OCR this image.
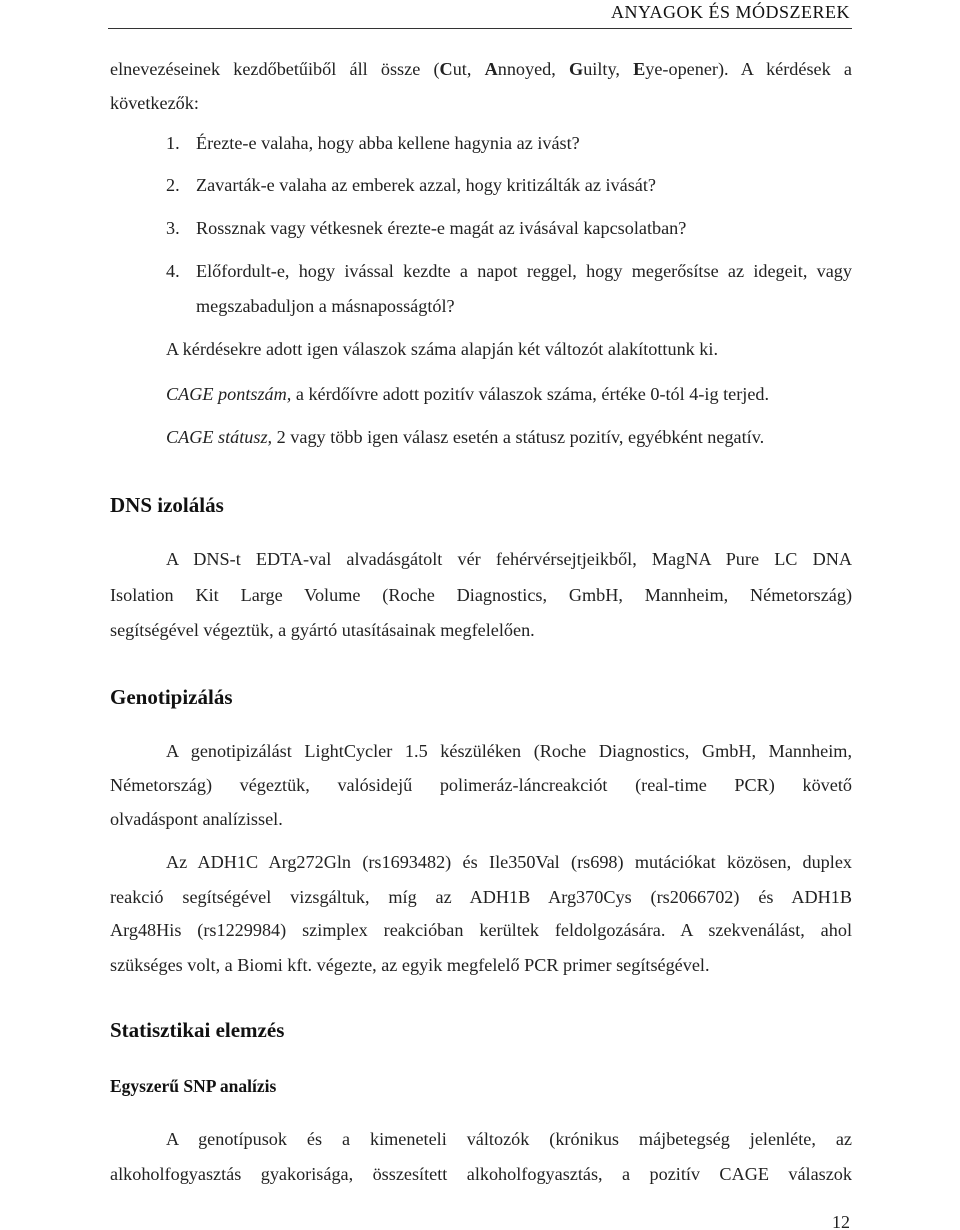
ANYAGOK ÉS MÓDSZEREK
elnevezéseinek kezdőbetűiből áll össze (Cut, Annoyed, Guilty, Eye-opener). A kérdések a
következők:
1. Érezte-e valaha, hogy abba kellene hagynia az ivást?
2. Zavarták-e valaha az emberek azzal, hogy kritizálták az ivását?
3. Rossznak vagy vétkesnek érezte-e magát az ivásával kapcsolatban?
4. Előfordult-e, hogy ivással kezdte a napot reggel, hogy megerősítse az idegeit, vagy
megszabaduljon a másnaposságtól?
A kérdésekre adott igen válaszok száma alapján két változót alakítottunk ki.
CAGE pontszám, a kérdőívre adott pozitív válaszok száma, értéke 0-tól 4-ig terjed.
CAGE státusz, 2 vagy több igen válasz esetén a státusz pozitív, egyébként negatív.
DNS izolálás
A DNS-t EDTA-val alvadásgátolt vér fehérvérsejtjeikből, MagNA Pure LC DNA
Isolation Kit Large Volume (Roche Diagnostics, GmbH, Mannheim, Németország)
segítségével végeztük, a gyártó utasításainak megfelelően.
Genotipizálás
A genotipizálást LightCycler 1.5 készüléken (Roche Diagnostics, GmbH, Mannheim,
Németország) végeztük, valósidejű polimeráz-láncreakciót (real-time PCR) követő
olvadáspont analízissel.
Az ADH1C Arg272Gln (rs1693482) és Ile350Val (rs698) mutációkat közösen, duplex
reakció segítségével vizsgáltuk, míg az ADH1B Arg370Cys (rs2066702) és ADH1B
Arg48His (rs1229984) szimplex reakcióban kerültek feldolgozására. A szekvenálást, ahol
szükséges volt, a Biomi kft. végezte, az egyik megfelelő PCR primer segítségével.
Statisztikai elemzés
Egyszerű SNP analízis
A genotípusok és a kimeneteli változók (krónikus májbetegség jelenléte, az
alkoholfogyasztás gyakorisága, összesített alkoholfogyasztás, a pozitív CAGE válaszok
12
